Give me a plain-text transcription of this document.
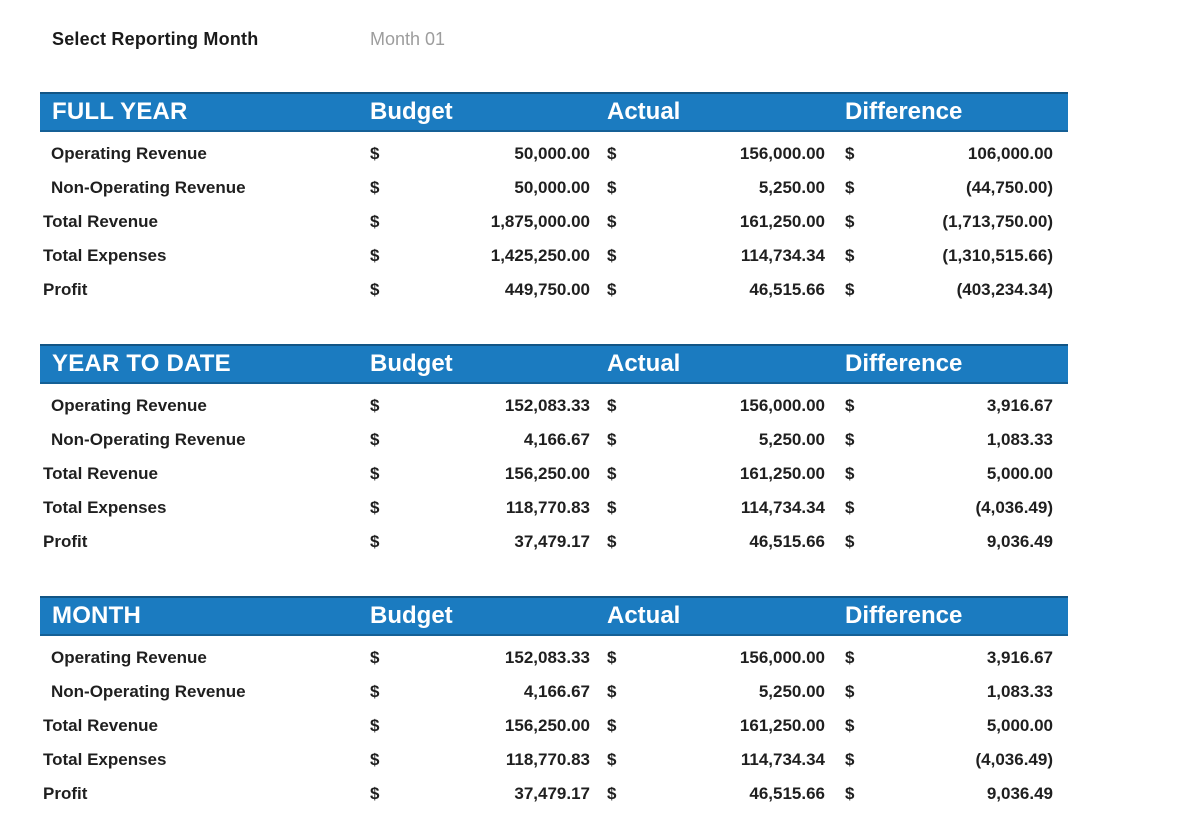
Select Reporting Month	Month 01
FULL YEAR	Budget	Actual	Difference
Operating Revenue	$	50,000.00 $	156,000.00 $	106,000.00
Non-Operating Revenue	$	50,000.00 $	5,250.00 $	(44,750.00)
Total Revenue	$	1,875,000.00 $	161,250.00 $	(1,713,750.00)
Total Expenses	$	1,425,250.00 $	114,734.34 $	(1,310,515.66)
Profit	$	449,750.00 $	46,515.66 $	(403,234.34)
YEAR TO DATE	Budget	Actual	Difference
Operating Revenue	$	152,083.33 $	156,000.00 $	3,916.67
Non-Operating Revenue	$	4,166.67 $	5,250.00 $	1,083.33
Total Revenue	$	156,250.00 $	161,250.00 $	5,000.00
Total Expenses	$	118,770.83 $	114,734.34 $	(4,036.49)
Profit	$	37,479.17 $	46,515.66 $	9,036.49
MONTH	Budget	Actual	Difference
Operating Revenue	$	152,083.33 $	156,000.00 $	3,916.67
Non-Operating Revenue	$	4,166.67 $	5,250.00 $	1,083.33
Total Revenue	$	156,250.00 $	161,250.00 $	5,000.00
Total Expenses	$	118,770.83 $	114,734.34 $	(4,036.49)
Profit	$	37,479.17 $	46,515.66 $	9,036.49
